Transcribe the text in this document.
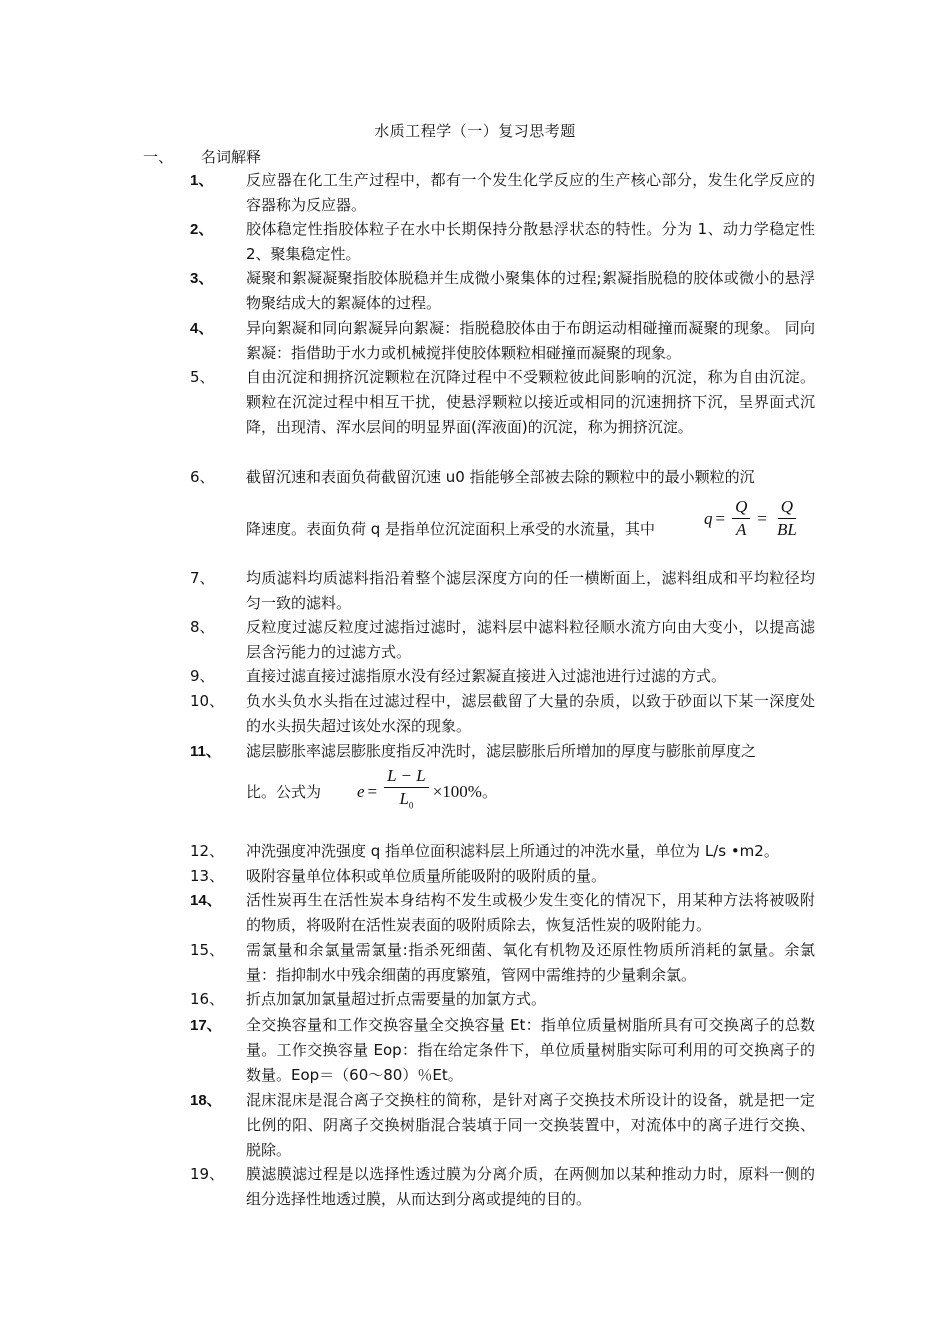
水质工程学（一）复习思考题
一、 名词解释
1、	反应器在化工生产过程中，都有一个发生化学反应的生产核心部分，发生化学反应的容器称为反应器。
2、	胶体稳定性指胶体粒子在水中长期保持分散悬浮状态的特性。分为 1、动力学稳定性 2、聚集稳定性。
3、	凝聚和絮凝凝聚指胶体脱稳并生成微小聚集体的过程;絮凝指脱稳的胶体或微小的悬浮物聚结成大的絮凝体的过程。
4、	异向絮凝和同向絮凝异向絮凝：指脱稳胶体由于布朗运动相碰撞而凝聚的现象。 同向絮凝：指借助于水力或机械搅拌使胶体颗粒相碰撞而凝聚的现象。
5、	自由沉淀和拥挤沉淀颗粒在沉降过程中不受颗粒彼此间影响的沉淀，称为自由沉淀。颗粒在沉淀过程中相互干扰，使悬浮颗粒以接近或相同的沉速拥挤下沉，呈界面式沉降，出现清、浑水层间的明显界面(浑液面)的沉淀，称为拥挤沉淀。
6、	截留沉速和表面负荷截留沉速 u0 指能够全部被去除的颗粒中的最小颗粒的沉
降速度。表面负荷 q 是指单位沉淀面积上承受的水流量，其中
$q = \frac{Q}{A} = \frac{Q}{BL}$
7、	均质滤料均质滤料指沿着整个滤层深度方向的任一横断面上，滤料组成和平均粒径均匀一致的滤料。
8、	反粒度过滤反粒度过滤指过滤时，滤料层中滤料粒径顺水流方向由大变小，以提高滤层含污能力的过滤方式。
9、	直接过滤直接过滤指原水没有经过絮凝直接进入过滤池进行过滤的方式。
10、	负水头负水头指在过滤过程中，滤层截留了大量的杂质，以致于砂面以下某一深度处的水头损失超过该处水深的现象。
11、	滤层膨胀率滤层膨胀度指反冲洗时，滤层膨胀后所增加的厚度与膨胀前厚度之
比。公式为 $e = \frac{L - L}{L_0} \times 100\%$ 。
12、	冲洗强度冲洗强度 q 指单位面积滤料层上所通过的冲洗水量，单位为 L/s •m2。
13、	吸附容量单位体积或单位质量所能吸附的吸附质的量。
14、	活性炭再生在活性炭本身结构不发生或极少发生变化的情况下，用某种方法将被吸附的物质，将吸附在活性炭表面的吸附质除去，恢复活性炭的吸附能力。
15、	需氯量和余氯量需氯量:指杀死细菌、氧化有机物及还原性物质所消耗的氯量。余氯量：指抑制水中残余细菌的再度繁殖，管网中需维持的少量剩余氯。
16、	折点加氯加氯量超过折点需要量的加氯方式。
17、	全交换容量和工作交换容量全交换容量 Et：指单位质量树脂所具有可交换离子的总数量。工作交换容量 Eop：指在给定条件下，单位质量树脂实际可利用的可交换离子的数量。Eop＝（60～80）％Et。
18、	混床混床是混合离子交换柱的简称，是针对离子交换技术所设计的设备，就是把一定比例的阳、阴离子交换树脂混合装填于同一交换装置中，对流体中的离子进行交换、脱除。
19、	膜滤膜滤过程是以选择性透过膜为分离介质，在两侧加以某种推动力时，原料一侧的组分选择性地透过膜，从而达到分离或提纯的目的。
